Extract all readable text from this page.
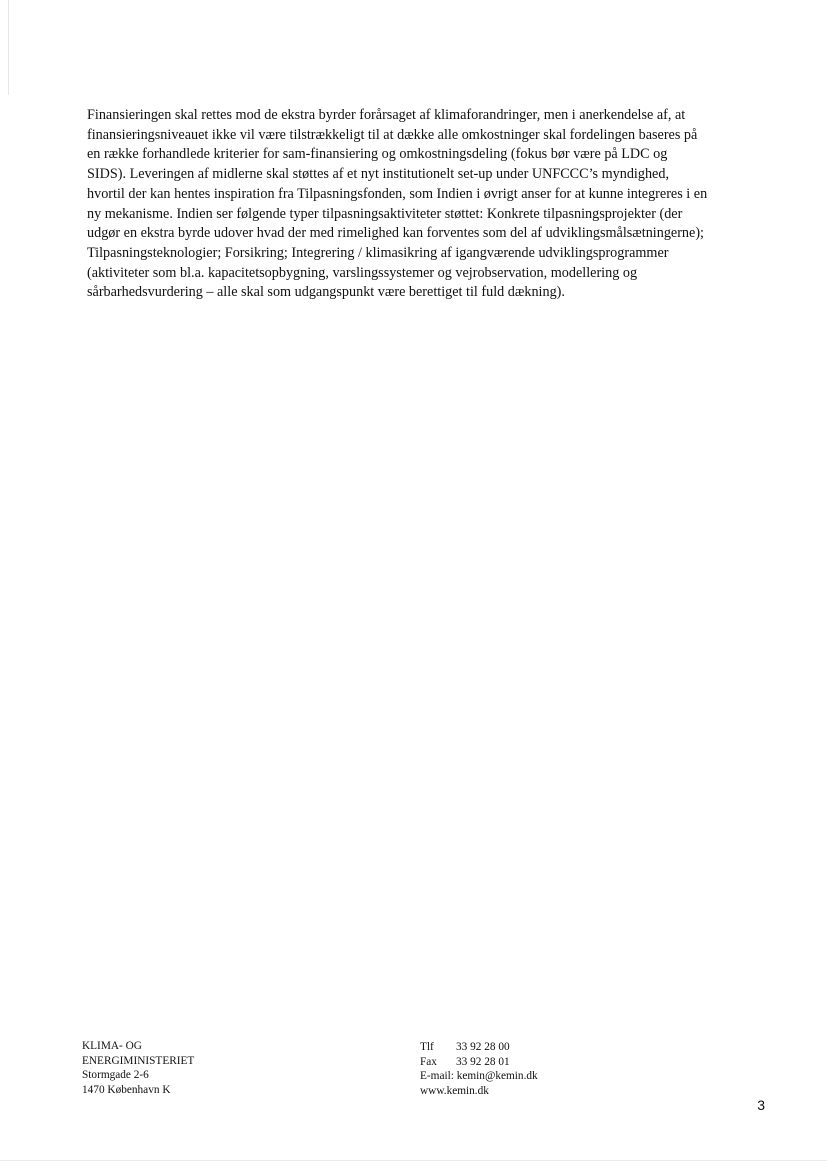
Finansieringen skal rettes mod de ekstra byrder forårsaget af klimaforandringer, men i anerkendelse af, at
finansieringsniveauet ikke vil være tilstrækkeligt til at dække alle omkostninger skal fordelingen baseres på
en række forhandlede kriterier for sam-finansiering og omkostningsdeling (fokus bør være på LDC og
SIDS). Leveringen af midlerne skal støttes af et nyt institutionelt set-up under UNFCCC’s myndighed,
hvortil der kan hentes inspiration fra Tilpasningsfonden, som Indien i øvrigt anser for at kunne integreres i en
ny mekanisme. Indien ser følgende typer tilpasningsaktiviteter støttet: Konkrete tilpasningsprojekter (der
udgør en ekstra byrde udover hvad der med rimelighed kan forventes som del af udviklingsmålsætningerne);
Tilpasningsteknologier; Forsikring; Integrering / klimasikring af igangværende udviklingsprogrammer
(aktiviteter som bl.a. kapacitetsopbygning, varslingssystemer og vejrobservation, modellering og
sårbarhedsvurdering – alle skal som udgangspunkt være berettiget til fuld dækning).

KLIMA- OG
ENERGIMINISTERIET
Stormgade 2-6
1470 København K
Tlf 33 92 28 00
Fax 33 92 28 01
E-mail: kemin@kemin.dk
www.kemin.dk
3
